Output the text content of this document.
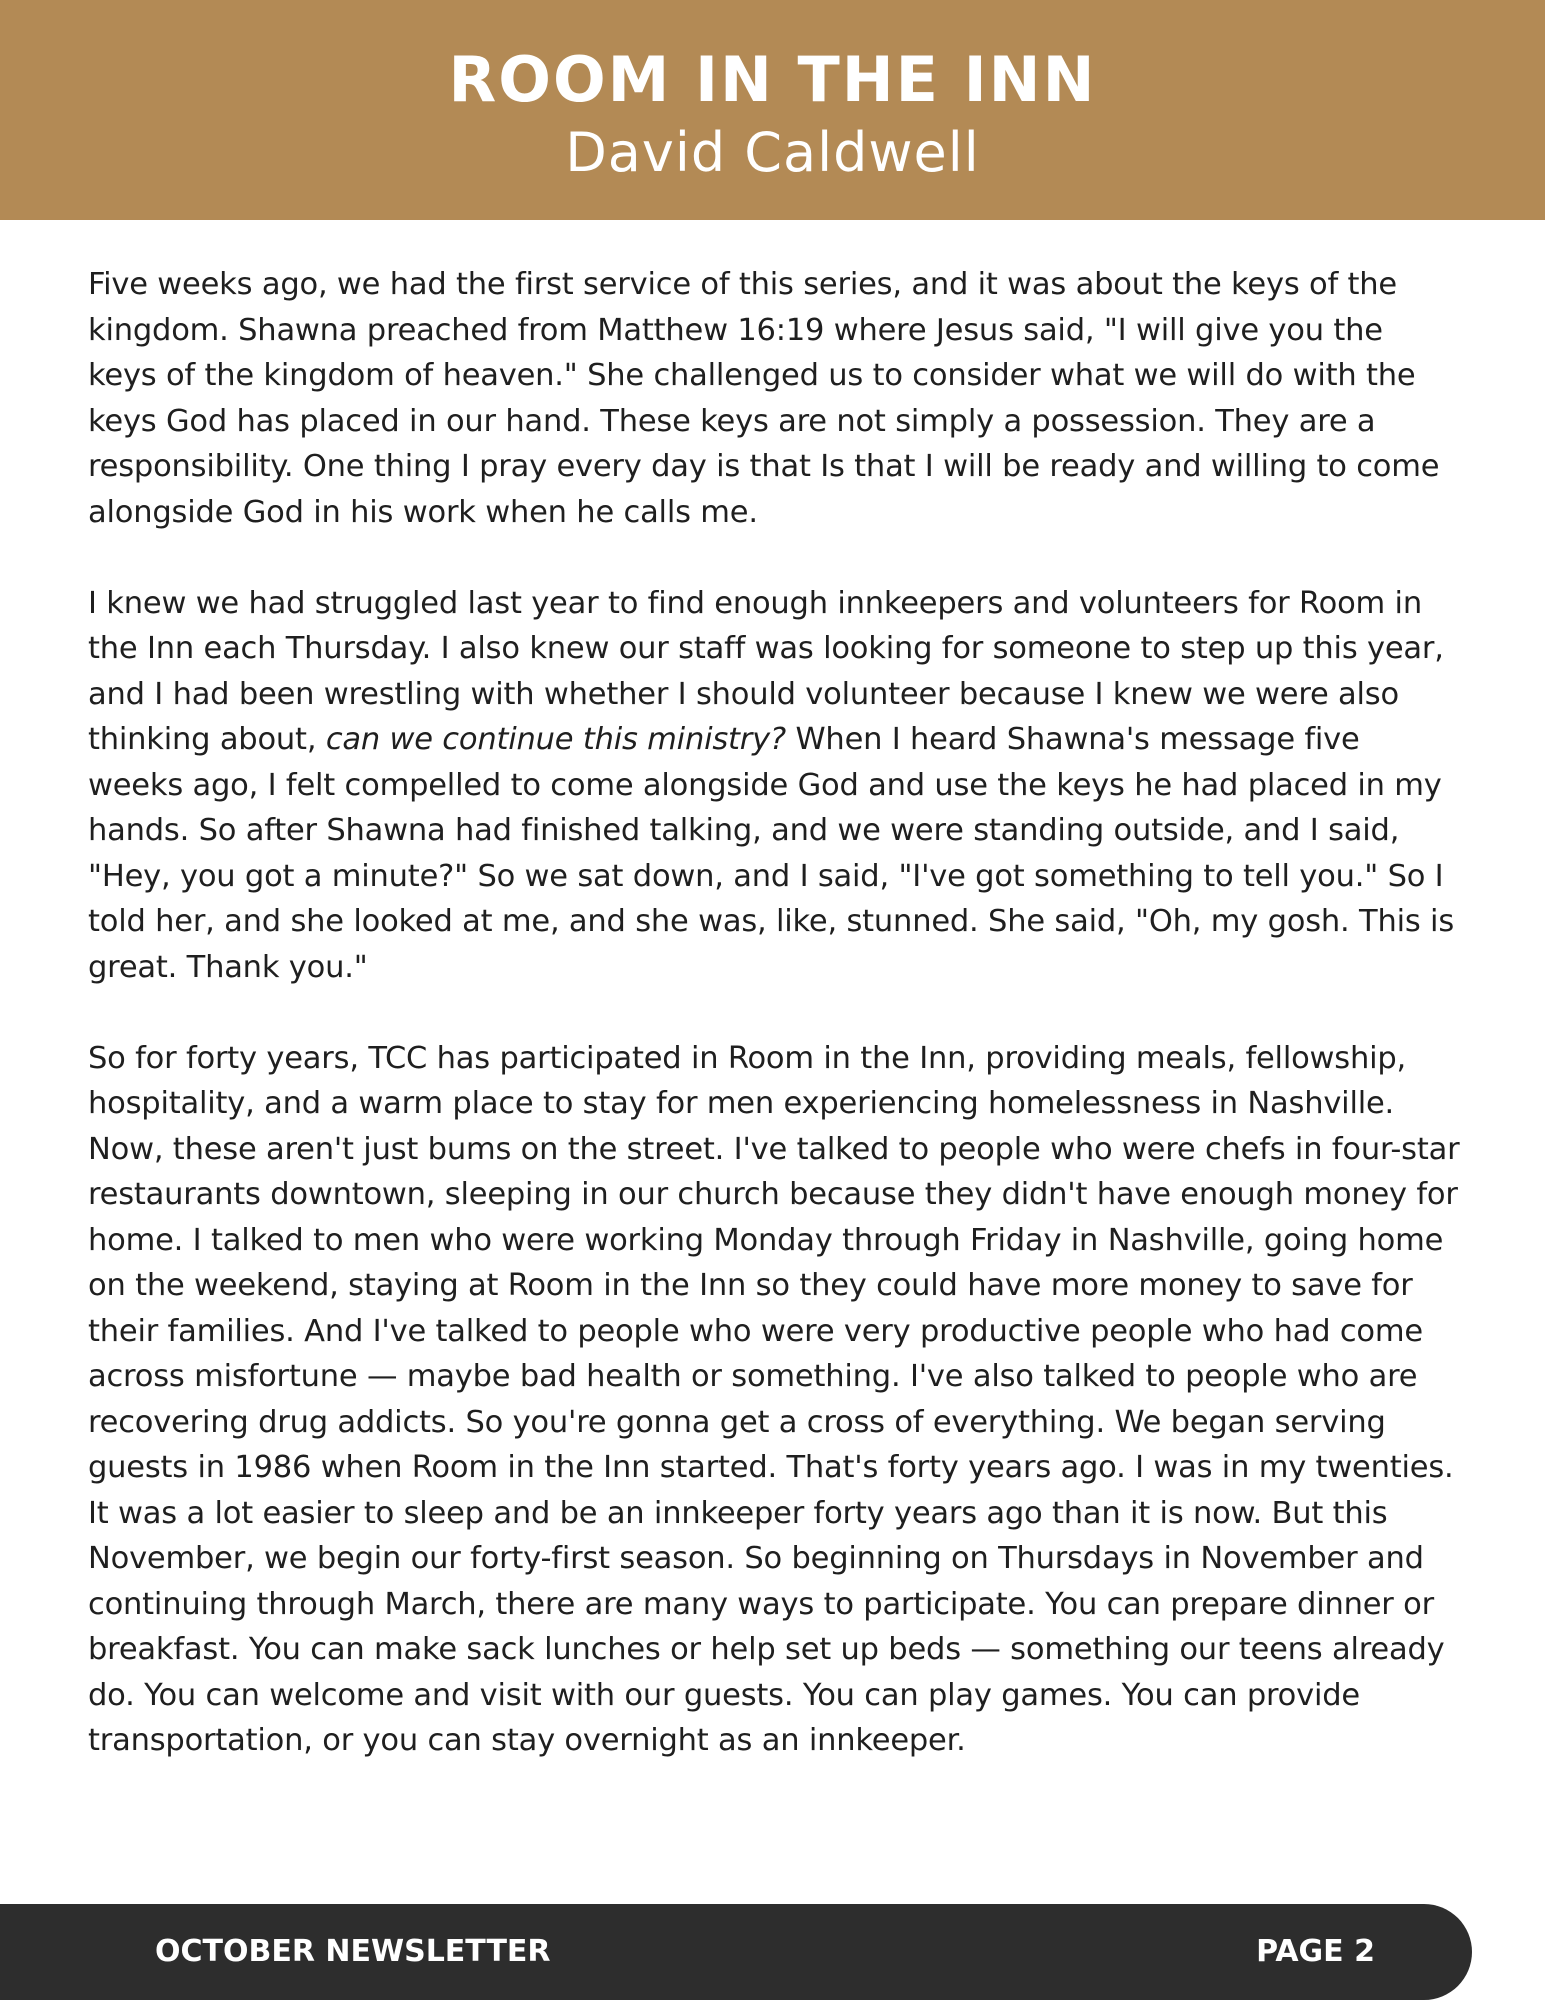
ROOM IN THE INN
David Caldwell

Five weeks ago, we had the first service of this series, and it was about the keys of the kingdom. Shawna preached from Matthew 16:19 where Jesus said, "I will give you the keys of the kingdom of heaven." She challenged us to consider what we will do with the keys God has placed in our hand. These keys are not simply a possession. They are a responsibility. One thing I pray every day is that Is that I will be ready and willing to come alongside God in his work when he calls me.

I knew we had struggled last year to find enough innkeepers and volunteers for Room in the Inn each Thursday. I also knew our staff was looking for someone to step up this year, and I had been wrestling with whether I should volunteer because I knew we were also thinking about, can we continue this ministry? When I heard Shawna's message five weeks ago, I felt compelled to come alongside God and use the keys he had placed in my hands. So after Shawna had finished talking, and we were standing outside, and I said, "Hey, you got a minute?" So we sat down, and I said, "I've got something to tell you." So I told her, and she looked at me, and she was, like, stunned. She said, "Oh, my gosh. This is great. Thank you."

So for forty years, TCC has participated in Room in the Inn, providing meals, fellowship, hospitality, and a warm place to stay for men experiencing homelessness in Nashville. Now, these aren't just bums on the street. I've talked to people who were chefs in four-star restaurants downtown, sleeping in our church because they didn't have enough money for home. I talked to men who were working Monday through Friday in Nashville, going home on the weekend, staying at Room in the Inn so they could have more money to save for their families. And I've talked to people who were very productive people who had come across misfortune — maybe bad health or something. I've also talked to people who are recovering drug addicts. So you're gonna get a cross of everything. We began serving guests in 1986 when Room in the Inn started. That's forty years ago. I was in my twenties. It was a lot easier to sleep and be an innkeeper forty years ago than it is now. But this November, we begin our forty-first season. So beginning on Thursdays in November and continuing through March, there are many ways to participate. You can prepare dinner or breakfast. You can make sack lunches or help set up beds — something our teens already do. You can welcome and visit with our guests. You can play games. You can provide transportation, or you can stay overnight as an innkeeper.

OCTOBER NEWSLETTER	PAGE 2
